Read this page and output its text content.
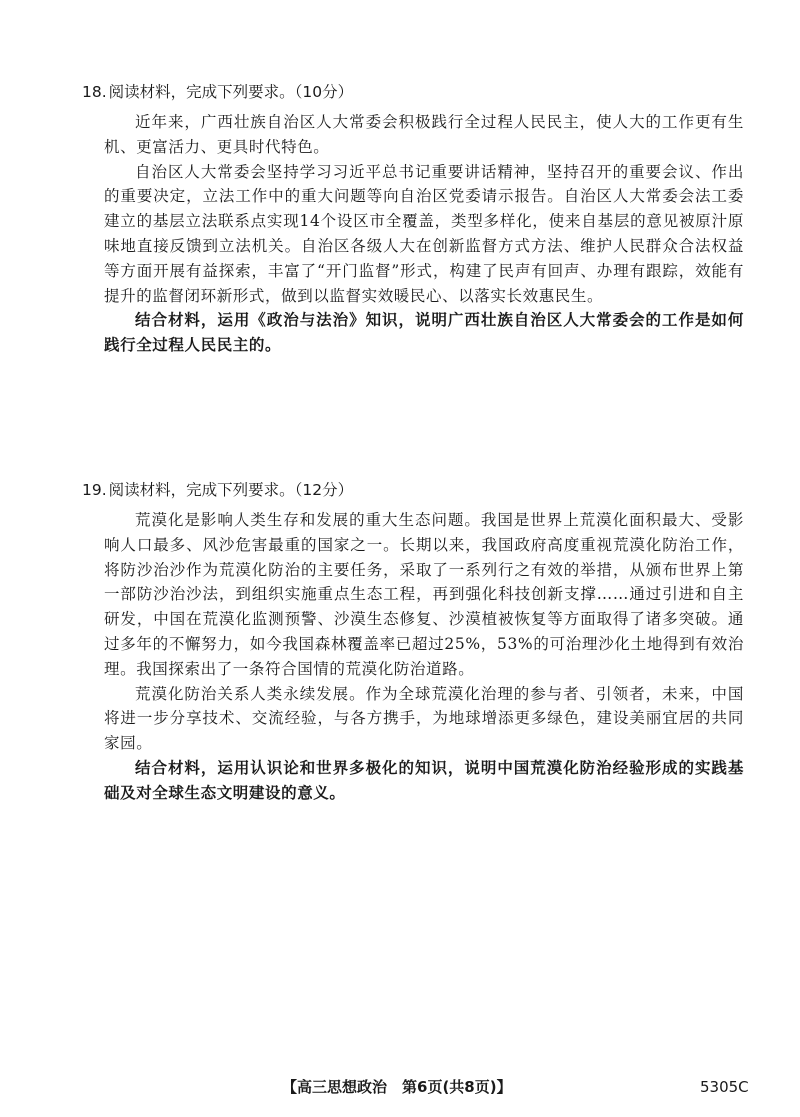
18. 阅读材料，完成下列要求。（10分）

近年来，广西壮族自治区人大常委会积极践行全过程人民民主，使人大的工作更有生机、更富活力、更具时代特色。

自治区人大常委会坚持学习习近平总书记重要讲话精神，坚持召开的重要会议、作出的重要决定，立法工作中的重大问题等向自治区党委请示报告。自治区人大常委会法工委建立的基层立法联系点实现14个设区市全覆盖，类型多样化，使来自基层的意见被原汁原味地直接反馈到立法机关。自治区各级人大在创新监督方式方法、维护人民群众合法权益等方面开展有益探索，丰富了“开门监督”形式，构建了民声有回声、办理有跟踪，效能有提升的监督闭环新形式，做到以监督实效暖民心、以落实长效惠民生。

结合材料，运用《政治与法治》知识，说明广西壮族自治区人大常委会的工作是如何践行全过程人民民主的。

19. 阅读材料，完成下列要求。（12分）

荒漠化是影响人类生存和发展的重大生态问题。我国是世界上荒漠化面积最大、受影响人口最多、风沙危害最重的国家之一。长期以来，我国政府高度重视荒漠化防治工作，将防沙治沙作为荒漠化防治的主要任务，采取了一系列行之有效的举措，从颁布世界上第一部防沙治沙法，到组织实施重点生态工程，再到强化科技创新支撑……通过引进和自主研发，中国在荒漠化监测预警、沙漠生态修复、沙漠植被恢复等方面取得了诸多突破。通过多年的不懈努力，如今我国森林覆盖率已超过25%，53%的可治理沙化土地得到有效治理。我国探索出了一条符合国情的荒漠化防治道路。

荒漠化防治关系人类永续发展。作为全球荒漠化治理的参与者、引领者，未来，中国将进一步分享技术、交流经验，与各方携手，为地球增添更多绿色，建设美丽宜居的共同家园。

结合材料，运用认识论和世界多极化的知识，说明中国荒漠化防治经验形成的实践基础及对全球生态文明建设的意义。

【高三思想政治　第6页(共8页)】	5305C
